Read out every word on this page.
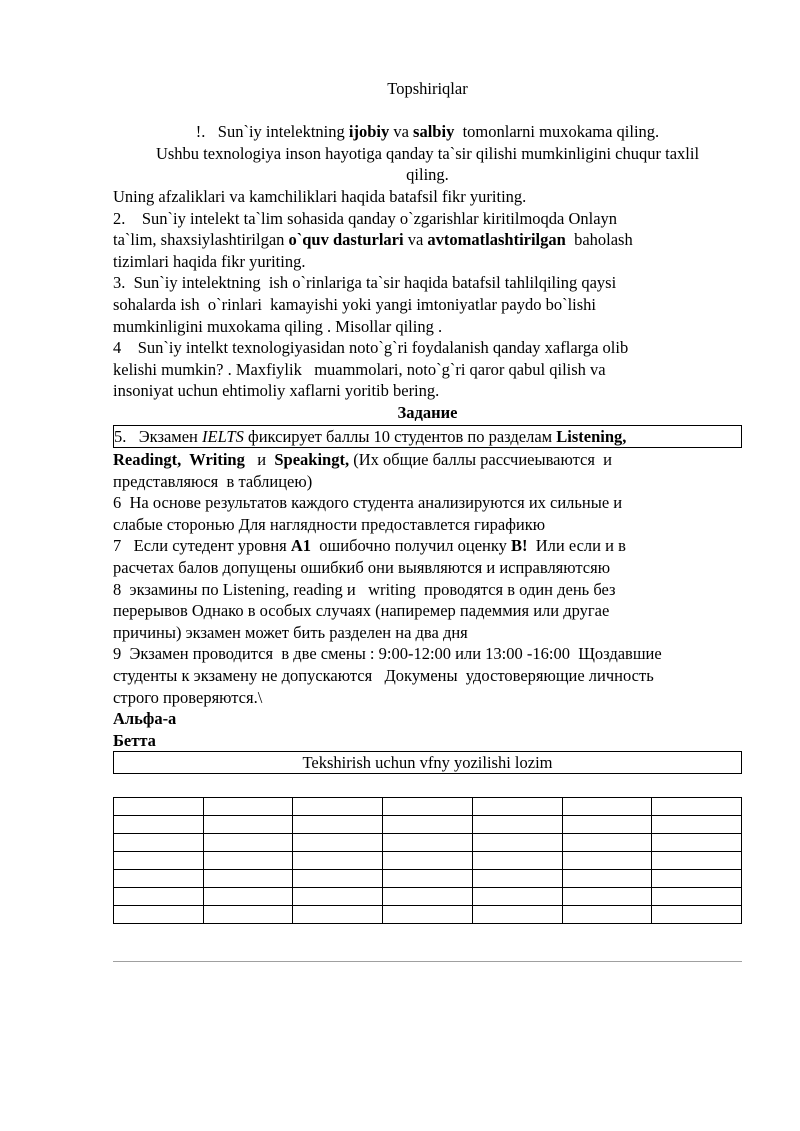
Topshiriqlar
!.   Sun`iy intelektning ijobiy va salbiy  tomonlarni muxokama qiling.
Ushbu texnologiya inson hayotiga qanday ta`sir qilishi mumkinligini chuqur taxlil
qiling.
Uning afzaliklari va kamchiliklari haqida batafsil fikr yuriting.
2.    Sun`iy intelekt ta`lim sohasida qanday o`zgarishlar kiritilmoqda Onlayn
ta`lim, shaxsiylashtirilgan o`quv dasturlari va avtomatlashtirilgan  baholash
tizimlari haqida fikr yuriting.
3.  Sun`iy intelektning  ish o`rinlariga ta`sir haqida batafsil tahlilqiling qaysi
sohalarda ish  o`rinlari  kamayishi yoki yangi imtoniyatlar paydo bo`lishi
mumkinligini muxokama qiling . Misollar qiling .
4    Sun`iy intelkt texnologiyasidan noto`g`ri foydalanish qanday xaflarga olib
kelishi mumkin? . Maxfiylik   muammolari, noto`g`ri qaror qabul qilish va
insoniyat uchun ehtimoliy xaflarni yoritib bering.
Задание
5.   Экзамен IELTS фиксирует баллы 10 студентов по разделам Listening,
Readingt,  Writing   и  Speakingt, (Их общие баллы рассчиеываются  и
представляюся  в таблицею)
6  На основе результатов каждого студента анализируются их сильные и
слабые сторонью Для наглядности предоставлется гирафикю
7   Если сутедент уровня A1  ошибочно получил оценку B!  Или если и в
расчетах балов допущены ошибкиб они выявляются и исправляютсяю
8  экзамины по Listening, reading и   writing  проводятся в один день без
перерывов Однако в особых случаях (напиремер падеммия или другае
причины) экзамен может бить разделен на два дня
9  Экзамен проводится  в две смены : 9:00-12:00 или 13:00 -16:00  Щоздавшие
студенты к экзамену не допускаются   Докумены  удостоверяющие личность
строго проверяются.\
Альфа-а
Бетта
Tekshirish uchun vfny yozilishi lozim
